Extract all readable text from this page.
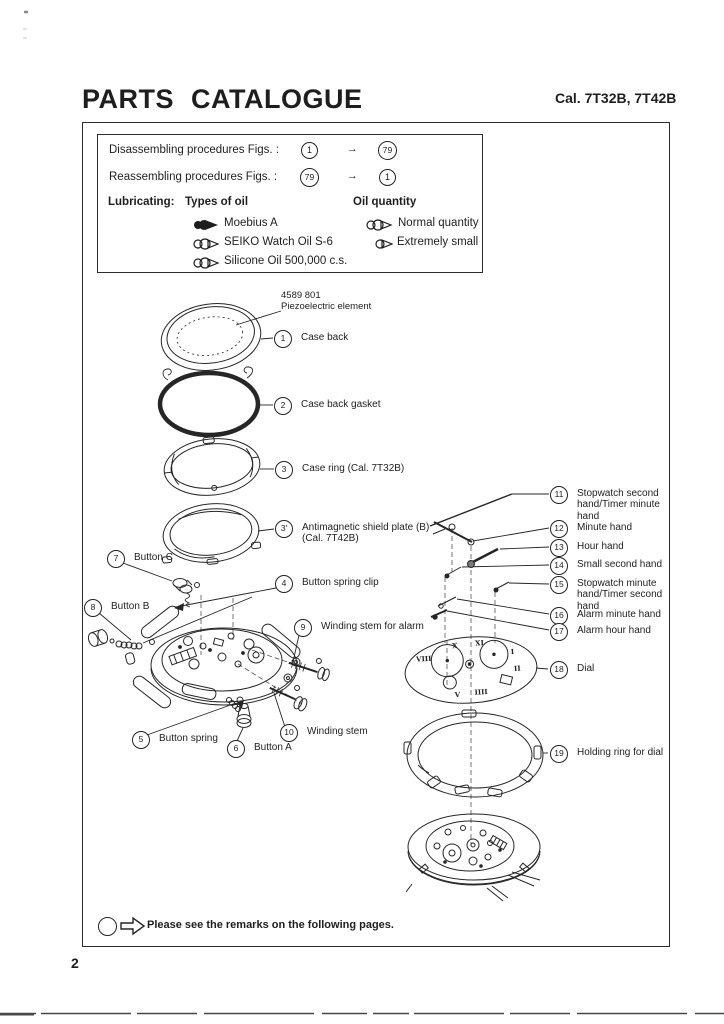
VIII
X XI
I
II
IIII
V
PARTS CATALOGUE	Cal. 7T32B, 7T42B
Disassembling procedures Figs. :	1	→	79
Reassembling procedures Figs. :	79	→	1
Lubricating: Types of oil	Oil quantity
Moebius A
SEIKO Watch Oil S-6
Silicone Oil 500,000 c.s.
Normal quantity
Extremely small
4589 801
Piezoelectric element
1	Case back
2	Case back gasket
3	Case ring (Cal. 7T32B)
3'	Antimagnetic shield plate (B) (Cal. 7T42B)
7	Button C
4	Button spring clip
8	Button B
9	Winding stem for alarm
5	Button spring
6	Button A
10	Winding stem
11	Stopwatch second hand/Timer minute hand
12	Minute hand
13	Hour hand
14	Small second hand
15	Stopwatch minute hand/Timer second hand
16	Alarm minute hand
17	Alarm hour hand
18	Dial
19	Holding ring for dial
Please see the remarks on the following pages.
2
